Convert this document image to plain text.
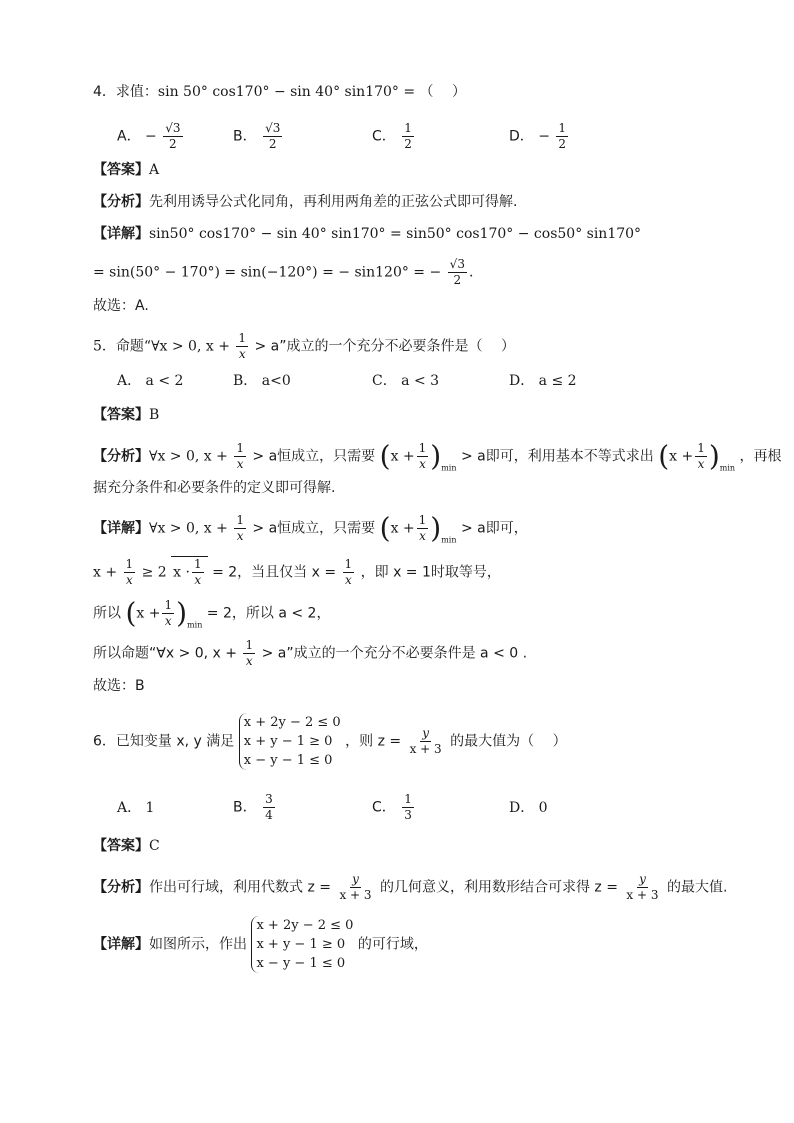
4．求值：sin 50° cos170° − sin 40° sin170° = （　 ）
A． − $\frac{√3}{2}$	B． $\frac{√3}{2}$	C． $\frac{1}{2}$	D． − $\frac{1}{2}$
【答案】A
【分析】先利用诱导公式化同角，再利用两角差的正弦公式即可得解.
【详解】sin50° cos170° − sin 40° sin170° = sin50° cos170° − cos50° sin170°
= sin(50° − 170°) = sin(−120°) = − sin120° = − $\frac{√3}{2}$ .
故选：A.
5．命题“∀x > 0, $x + \frac{1}{x} > a$”成立的一个充分不必要条件是（　 ）
A． a < 2	B． a<0	C． a < 3	D． a ≤ 2
【答案】B
【分析】∀x > 0, $x + \frac{1}{x} > a$恒成立，只需要 $(x + \frac{1}{x} )_{min} > a$即可，利用基本不等式求出 $(x + \frac{1}{x} )_{min}$ ，再根
据充分条件和必要条件的定义即可得解.
【详解】∀x > 0, $x + \frac{1}{x} > a$恒成立，只需要 $(x + \frac{1}{x} )_{min} > a$即可，
$x + \frac{1}{x} \ge 2$ $x \cdot \frac{1}{x} = 2$，当且仅当 $x = \frac{1}{x}$ ，即 x = 1时取等号，
所以 $(x + \frac{1}{x} )_{min} = 2$，所以 a < 2，
所以命题“∀x > 0, $x + \frac{1}{x} > a$”成立的一个充分不必要条件是 a < 0 .
故选：B
6．已知变量 x, y 满足
x + 2y − 2 ≤ 0
x + y − 1 ≥ 0
x − y − 1 ≤ 0
，则 $z = \frac{y}{x + 3}$ 的最大值为（　 ）
A． 1	B． $\frac{3}{4}$	C． $\frac{1}{3}$	D． 0
【答案】C
【分析】作出可行域，利用代数式 $z = \frac{y}{x + 3}$ 的几何意义，利用数形结合可求得 $z = \frac{y}{x + 3}$ 的最大值.
【详解】如图所示，作出
x + 2y − 2 ≤ 0
x + y − 1 ≥ 0
x − y − 1 ≤ 0
的可行域，
